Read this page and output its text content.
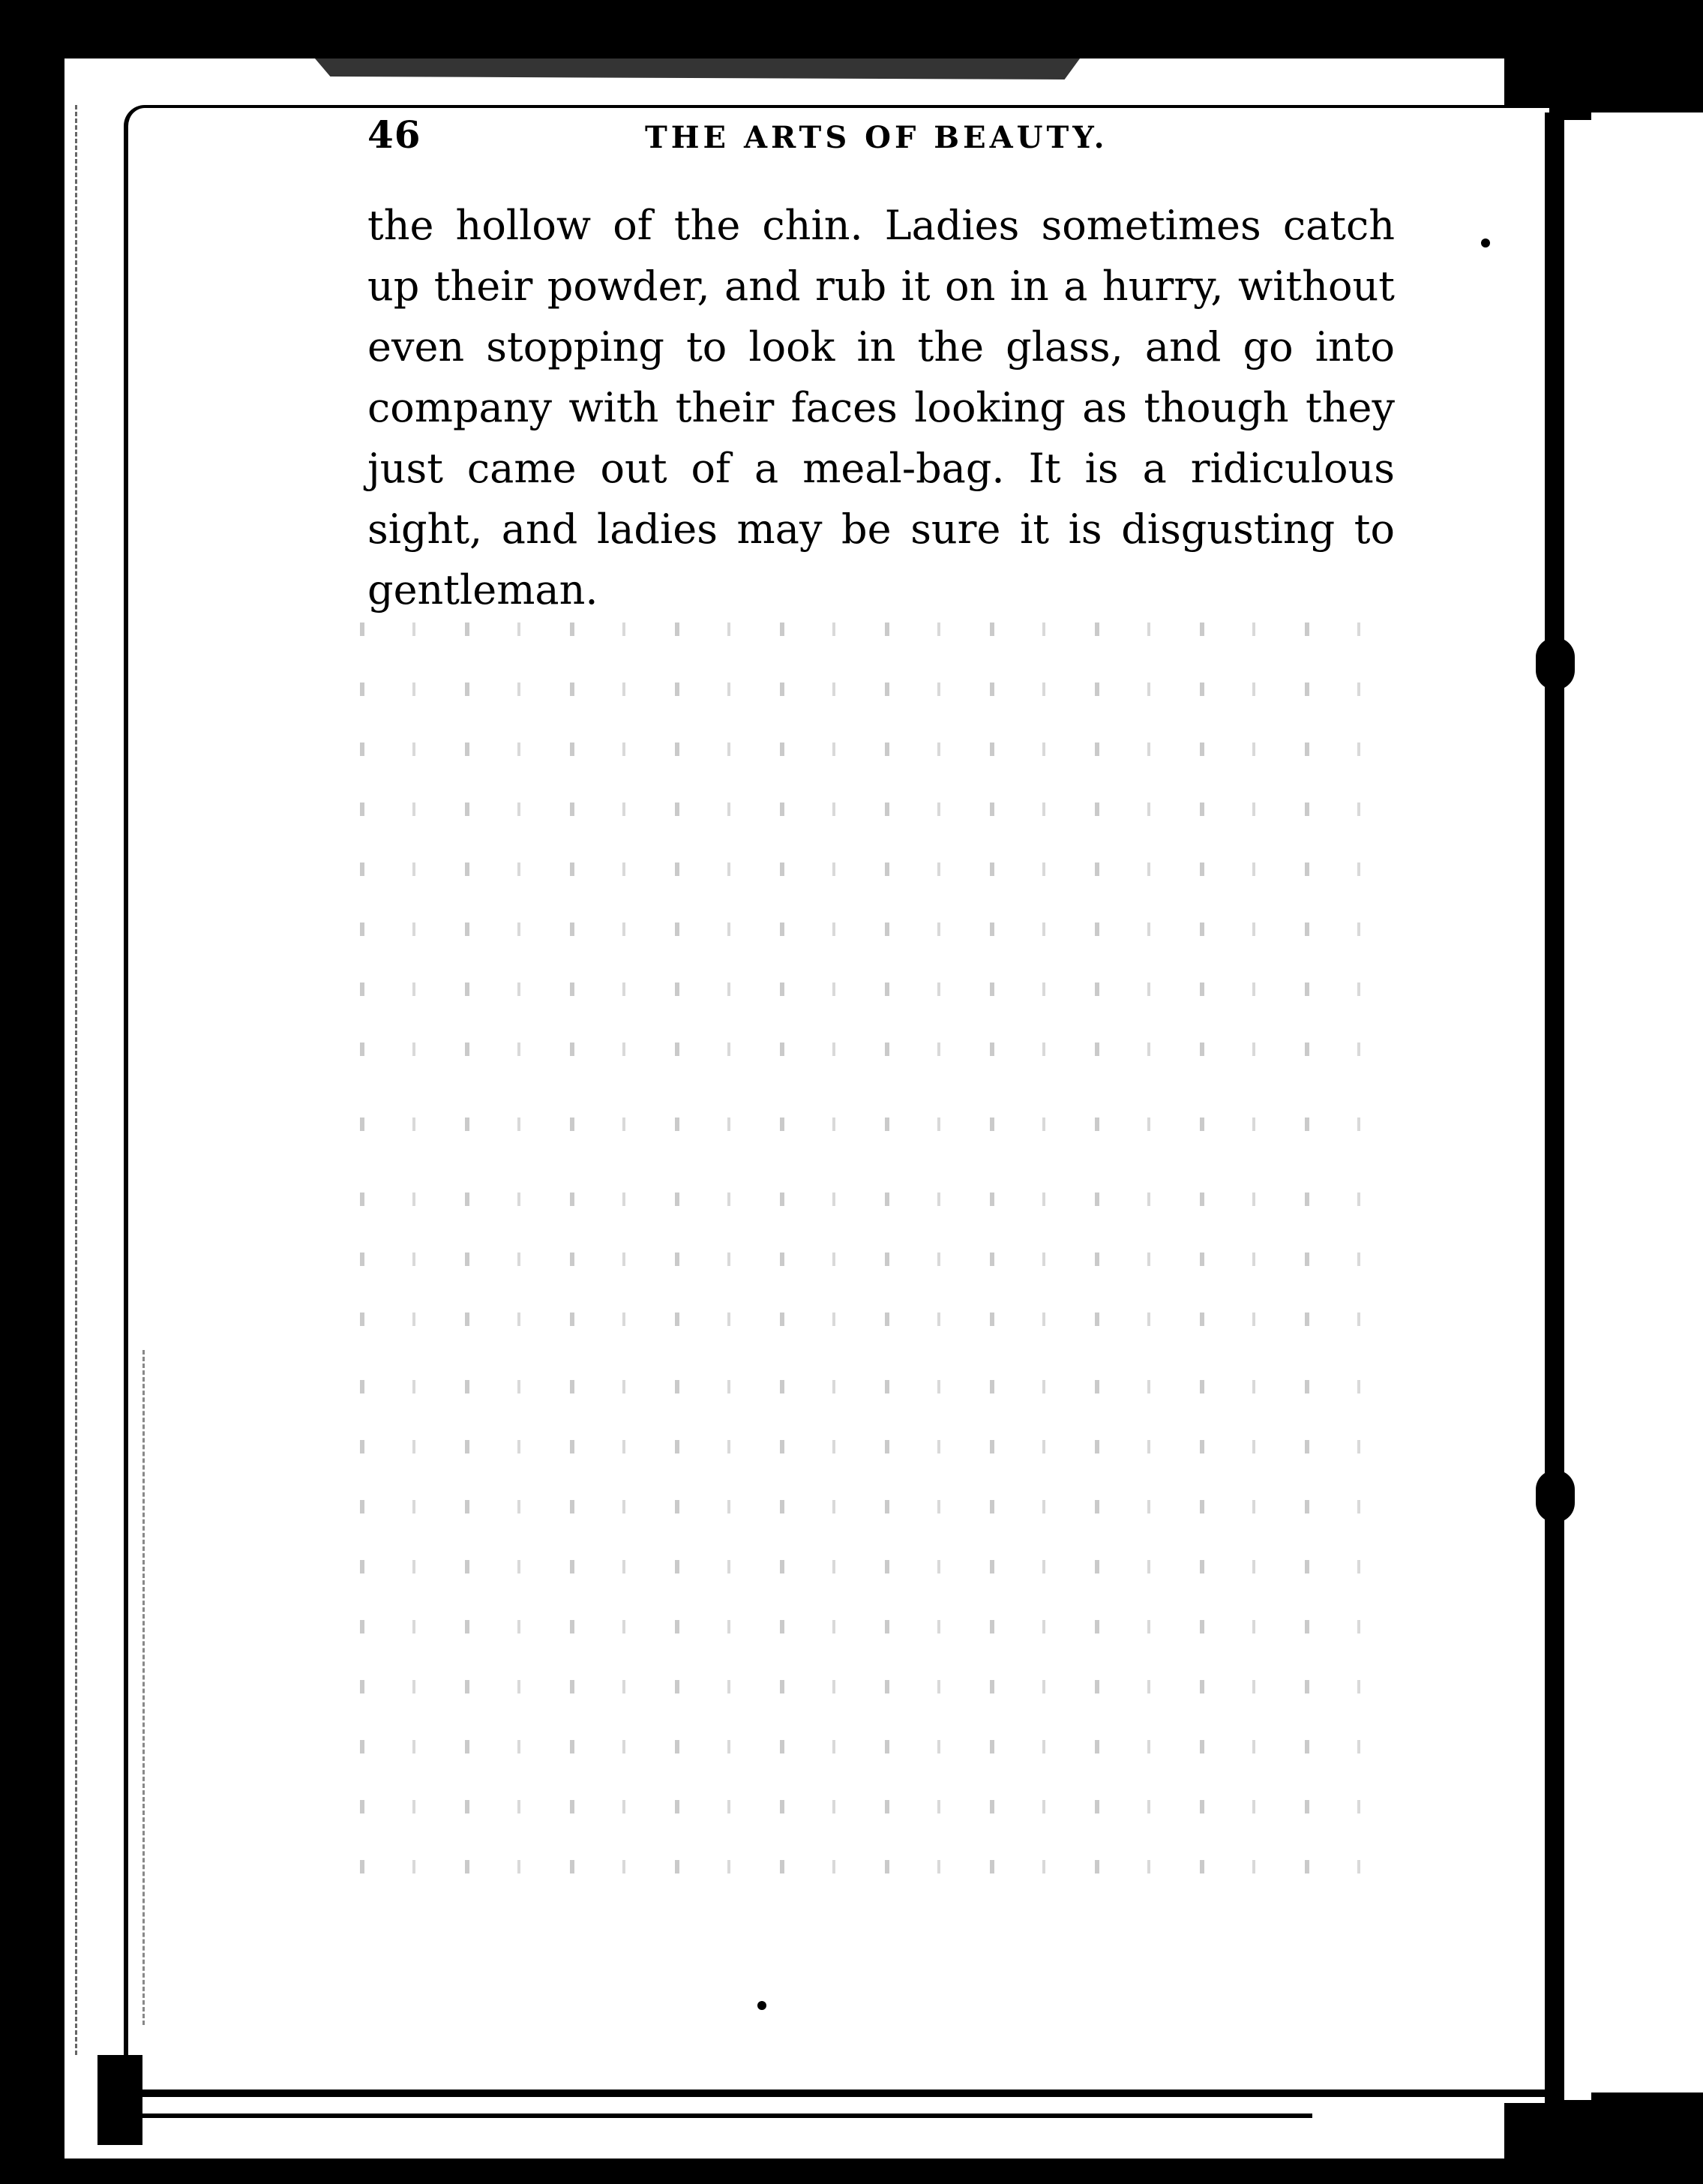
46	THE ARTS OF BEAUTY.

the hollow of the chin. Ladies sometimes catch up their powder, and rub it on in a hurry, without even stopping to look in the glass, and go into company with their faces looking as though they just came out of a meal-bag. It is a ridiculous sight, and ladies may be sure it is disgusting to gentleman.
